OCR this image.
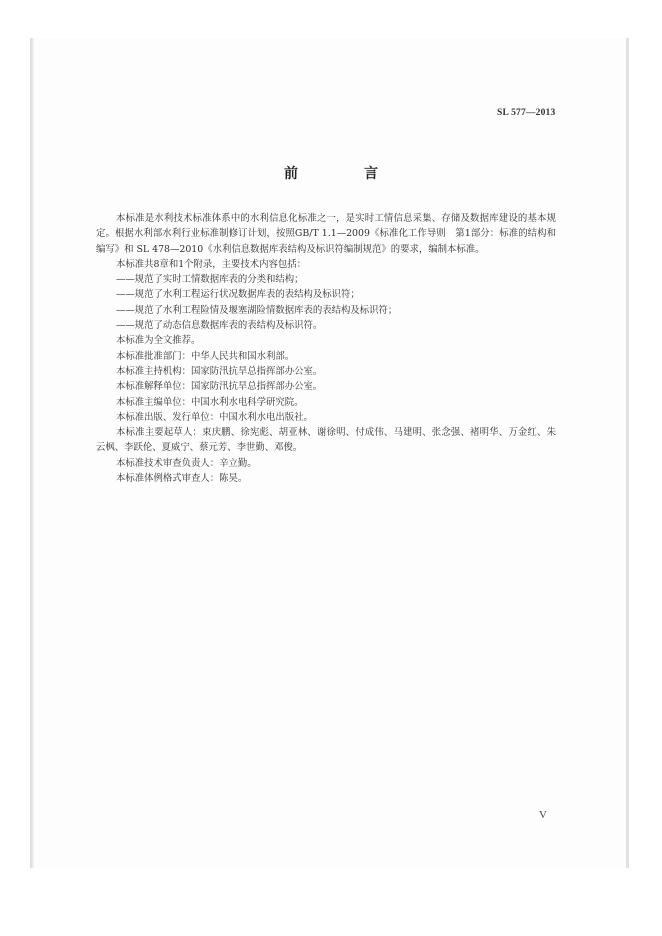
SL 577—2013
前　言

本标准是水利技术标准体系中的水利信息化标准之一，是实时工情信息采集、存储及数据库建设的基本规定。根据水利部水利行业标准制修订计划，按照GB/T 1.1—2009《标准化工作导则　第1部分：标准的结构和编写》和 SL 478—2010《水利信息数据库表结构及标识符编制规范》的要求，编制本标准。

本标准共8章和1个附录，主要技术内容包括：

——规范了实时工情数据库表的分类和结构；

——规范了水利工程运行状况数据库表的表结构及标识符；

——规范了水利工程险情及堰塞湖险情数据库表的表结构及标识符；

——规范了动态信息数据库表的表结构及标识符。

本标准为全文推荐。

本标准批准部门：中华人民共和国水利部。

本标准主持机构：国家防汛抗旱总指挥部办公室。

本标准解释单位：国家防汛抗旱总指挥部办公室。

本标准主编单位：中国水利水电科学研究院。

本标准出版、发行单位：中国水利水电出版社。

本标准主要起草人：束庆鹏、徐宪彪、胡亚林、谢徐明、付成伟、马建明、张念强、褚明华、万金红、朱云枫、李跃伦、夏威宁、蔡元芳、李世勤、邓俊。

本标准技术审查负责人：辛立勤。

本标准体例格式审查人：陈昊。

V
